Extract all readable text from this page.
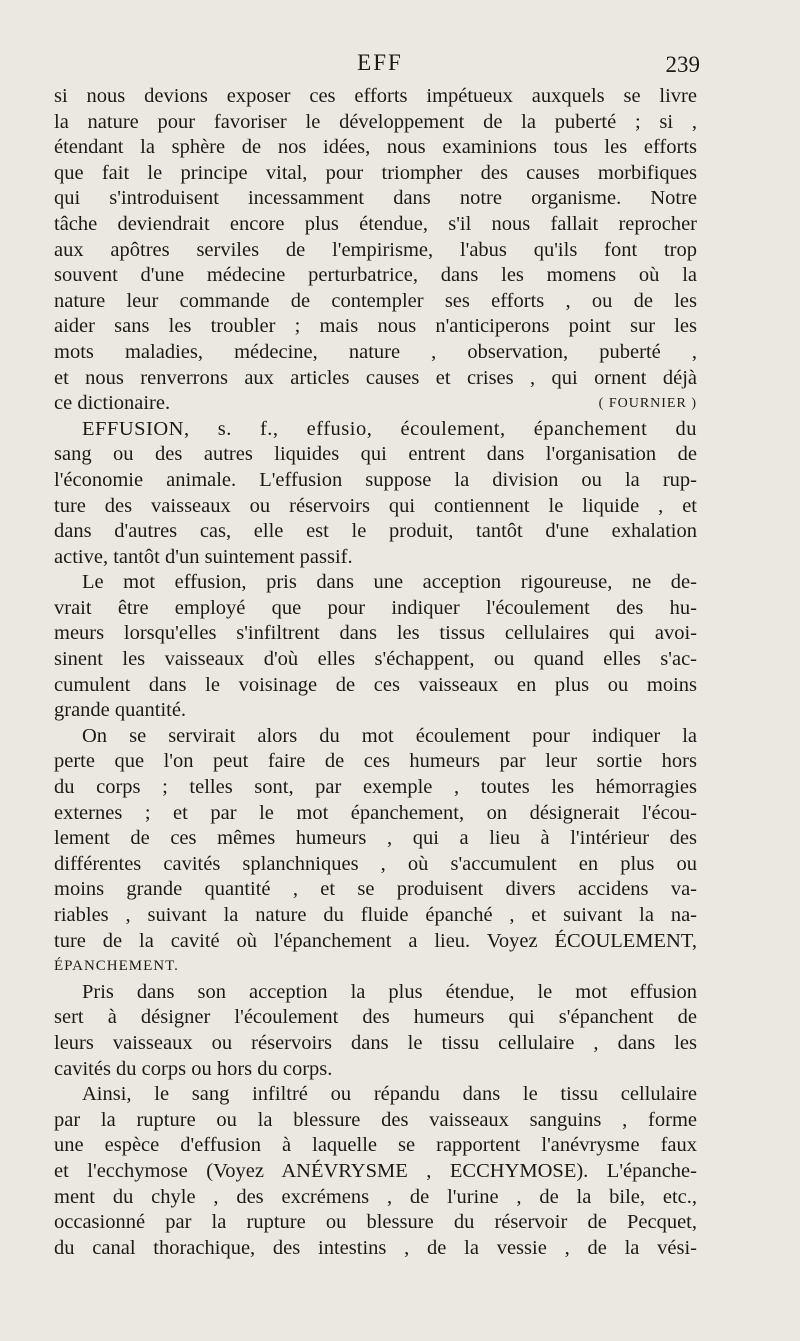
EFF	239
si nous devions exposer ces efforts impétueux auxquels se livre
la nature pour favoriser le développement de la puberté ; si ,
étendant la sphère de nos idées, nous examinions tous les efforts
que fait le principe vital, pour triompher des causes morbifiques
qui s'introduisent incessamment dans notre organisme. Notre
tâche deviendrait encore plus étendue, s'il nous fallait reprocher
aux apôtres serviles de l'empirisme, l'abus qu'ils font trop
souvent d'une médecine perturbatrice, dans les momens où la
nature leur commande de contempler ses efforts , ou de les
aider sans les troubler ; mais nous n'anticiperons point sur les
mots maladies, médecine, nature , observation, puberté ,
et nous renverrons aux articles causes et crises , qui ornent déjà
ce dictionaire.	( FOURNIER )
EFFUSION, s. f., effusio, écoulement, épanchement du
sang ou des autres liquides qui entrent dans l'organisation de
l'économie animale. L'effusion suppose la division ou la rup-
ture des vaisseaux ou réservoirs qui contiennent le liquide , et
dans d'autres cas, elle est le produit, tantôt d'une exhalation
active, tantôt d'un suintement passif.
Le mot effusion, pris dans une acception rigoureuse, ne de-
vrait être employé que pour indiquer l'écoulement des hu-
meurs lorsqu'elles s'infiltrent dans les tissus cellulaires qui avoi-
sinent les vaisseaux d'où elles s'échappent, ou quand elles s'ac-
cumulent dans le voisinage de ces vaisseaux en plus ou moins
grande quantité.
On se servirait alors du mot écoulement pour indiquer la
perte que l'on peut faire de ces humeurs par leur sortie hors
du corps ; telles sont, par exemple , toutes les hémorragies
externes ; et par le mot épanchement, on désignerait l'écou-
lement de ces mêmes humeurs , qui a lieu à l'intérieur des
différentes cavités splanchniques , où s'accumulent en plus ou
moins grande quantité , et se produisent divers accidens va-
riables , suivant la nature du fluide épanché , et suivant la na-
ture de la cavité où l'épanchement a lieu. Voyez ÉCOULEMENT,
ÉPANCHEMENT.
Pris dans son acception la plus étendue, le mot effusion
sert à désigner l'écoulement des humeurs qui s'épanchent de
leurs vaisseaux ou réservoirs dans le tissu cellulaire , dans les
cavités du corps ou hors du corps.
Ainsi, le sang infiltré ou répandu dans le tissu cellulaire
par la rupture ou la blessure des vaisseaux sanguins , forme
une espèce d'effusion à laquelle se rapportent l'anévrysme faux
et l'ecchymose (Voyez ANÉVRYSME , ECCHYMOSE). L'épanche-
ment du chyle , des excrémens , de l'urine , de la bile, etc.,
occasionné par la rupture ou blessure du réservoir de Pecquet,
du canal thorachique, des intestins , de la vessie , de la vési-
